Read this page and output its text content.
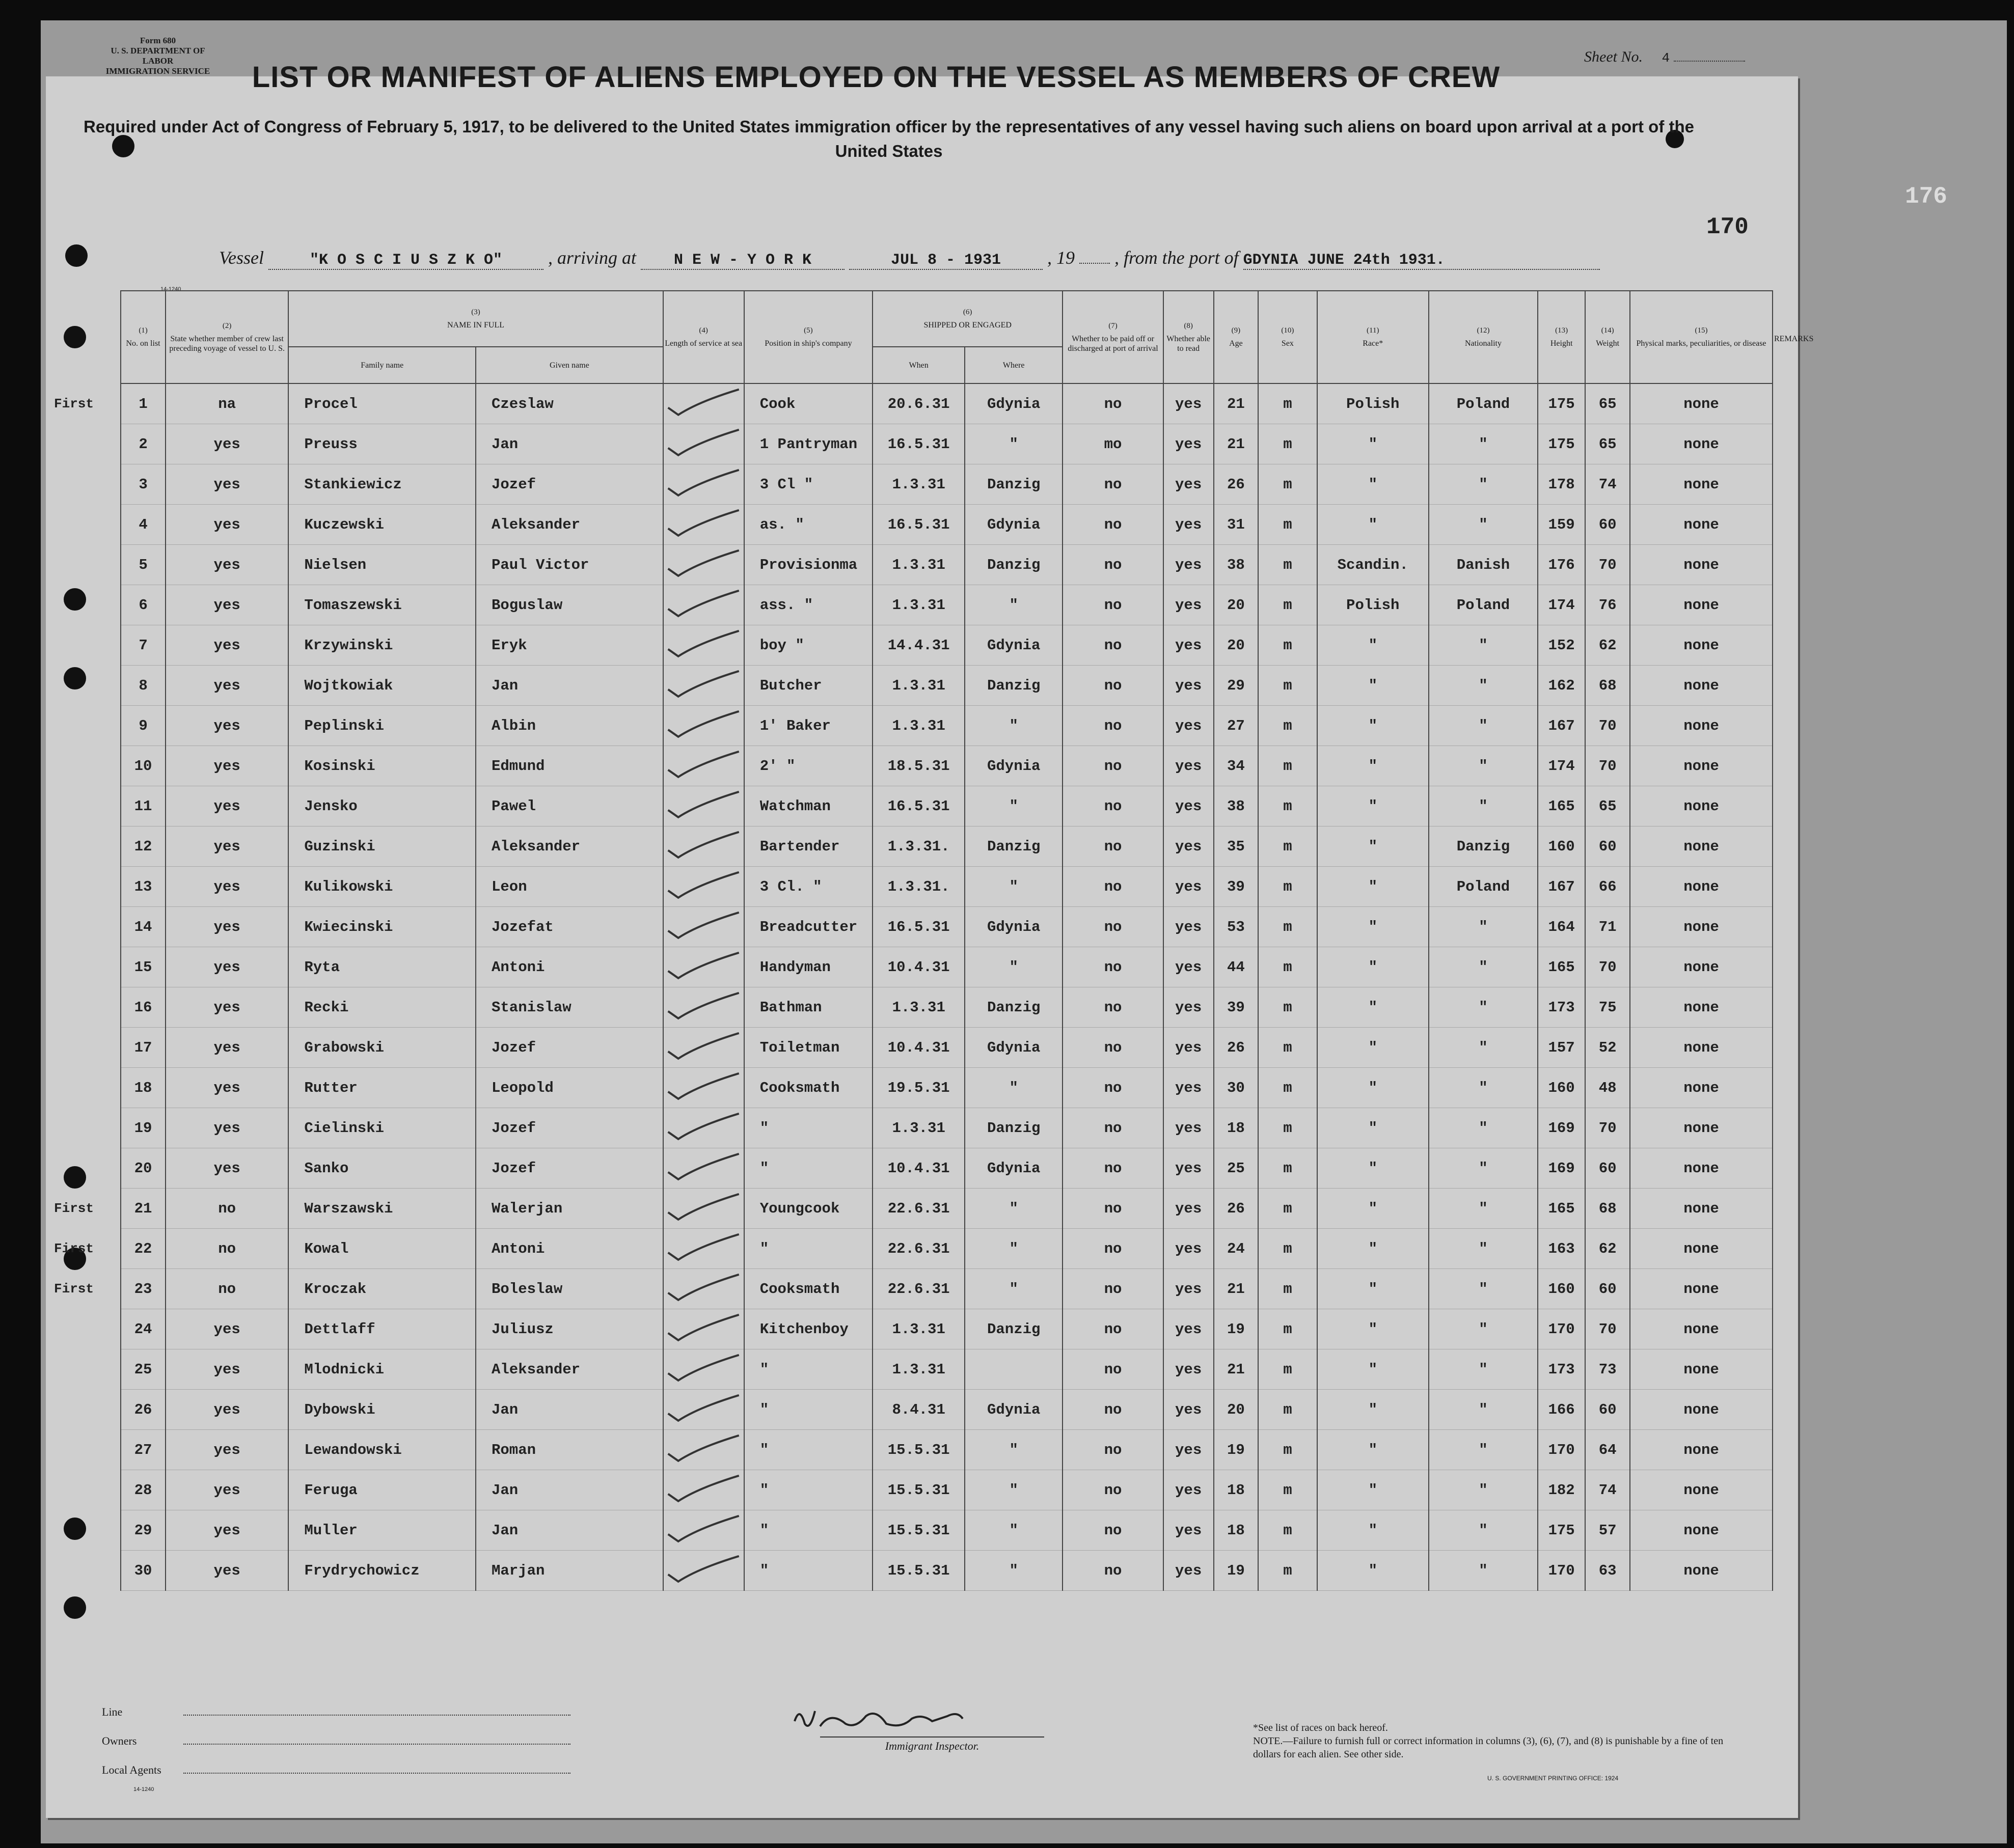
Form 680
U. S. DEPARTMENT OF LABOR
IMMIGRATION SERVICE
Sheet No. 4
176
170
LIST OR MANIFEST OF ALIENS EMPLOYED ON THE VESSEL AS MEMBERS OF CREW
Required under Act of Congress of February 5, 1917, to be delivered to the United States immigration officer by the representatives of any vessel having such aliens on board upon arrival at a port of the United States
Vessel	"K O S C I U S Z K O" , arriving at N E W - Y O R K	JUL 8 - 1931	, 19 , from the port of GDYNIA JUNE 24th 1931.
14-1240

	(1)
No. on list	(2)
State whether member of crew last preceding voyage of vessel to U. S.	(3)
NAME IN FULL		(4)
Length of service at sea	(5)
Position in ship's company	(6)
SHIPPED OR ENGAGED		(7)
Whether to be paid off or discharged at port of arrival	(8)
Whether able to read	(9)
Age	(10)
Sex	(11)
Race*	(12)
Nationality	(13)
Height	(14)
Weight	(15)
Physical marks, peculiarities, or disease	REMARKS
			Family name	Given name			When	Where										
First	1	na	Procel	Czeslaw		Cook	20.6.31	Gdynia	no	yes	21	m	Polish	Poland	175	65	none	
	2	yes	Preuss	Jan		1 Pantryman	16.5.31	"	mo	yes	21	m	"	"	175	65	none	
	3	yes	Stankiewicz	Jozef		3 Cl "	1.3.31	Danzig	no	yes	26	m	"	"	178	74	none	
	4	yes	Kuczewski	Aleksander		as. "	16.5.31	Gdynia	no	yes	31	m	"	"	159	60	none	
	5	yes	Nielsen	Paul Victor		Provisionma	1.3.31	Danzig	no	yes	38	m	Scandin.	Danish	176	70	none	
	6	yes	Tomaszewski	Boguslaw		ass. "	1.3.31	"	no	yes	20	m	Polish	Poland	174	76	none	
	7	yes	Krzywinski	Eryk		boy "	14.4.31	Gdynia	no	yes	20	m	"	"	152	62	none	
	8	yes	Wojtkowiak	Jan		Butcher	1.3.31	Danzig	no	yes	29	m	"	"	162	68	none	
	9	yes	Peplinski	Albin		1' Baker	1.3.31	"	no	yes	27	m	"	"	167	70	none	
	10	yes	Kosinski	Edmund		2' "	18.5.31	Gdynia	no	yes	34	m	"	"	174	70	none	
	11	yes	Jensko	Pawel		Watchman	16.5.31	"	no	yes	38	m	"	"	165	65	none	
	12	yes	Guzinski	Aleksander		Bartender	1.3.31.	Danzig	no	yes	35	m	"	Danzig	160	60	none	
	13	yes	Kulikowski	Leon		3 Cl. "	1.3.31.	"	no	yes	39	m	"	Poland	167	66	none	
	14	yes	Kwiecinski	Jozefat		Breadcutter	16.5.31	Gdynia	no	yes	53	m	"	"	164	71	none	
	15	yes	Ryta	Antoni		Handyman	10.4.31	"	no	yes	44	m	"	"	165	70	none	
	16	yes	Recki	Stanislaw		Bathman	1.3.31	Danzig	no	yes	39	m	"	"	173	75	none	
	17	yes	Grabowski	Jozef		Toiletman	10.4.31	Gdynia	no	yes	26	m	"	"	157	52	none	
	18	yes	Rutter	Leopold		Cooksmath	19.5.31	"	no	yes	30	m	"	"	160	48	none	
	19	yes	Cielinski	Jozef		"	1.3.31	Danzig	no	yes	18	m	"	"	169	70	none	
	20	yes	Sanko	Jozef		"	10.4.31	Gdynia	no	yes	25	m	"	"	169	60	none	
First	21	no	Warszawski	Walerjan		Youngcook	22.6.31	"	no	yes	26	m	"	"	165	68	none	
First	22	no	Kowal	Antoni		"	22.6.31	"	no	yes	24	m	"	"	163	62	none	
First	23	no	Kroczak	Boleslaw		Cooksmath	22.6.31	"	no	yes	21	m	"	"	160	60	none	
	24	yes	Dettlaff	Juliusz		Kitchenboy	1.3.31	Danzig	no	yes	19	m	"	"	170	70	none	
	25	yes	Mlodnicki	Aleksander		"	1.3.31		no	yes	21	m	"	"	173	73	none	
	26	yes	Dybowski	Jan		"	8.4.31	Gdynia	no	yes	20	m	"	"	166	60	none	
	27	yes	Lewandowski	Roman		"	15.5.31	"	no	yes	19	m	"	"	170	64	none	
	28	yes	Feruga	Jan		"	15.5.31	"	no	yes	18	m	"	"	182	74	none	
	29	yes	Muller	Jan		"	15.5.31	"	no	yes	18	m	"	"	175	57	none	
	30	yes	Frydrychowicz	Marjan		"	15.5.31	"	no	yes	19	m	"	"	170	63	none	
Line
Owners
Local Agents
14-1240
Immigrant Inspector.
*See list of races on back hereof.
NOTE.—Failure to furnish full or correct information in columns (3), (6), (7), and (8) is punishable by a fine of ten dollars for each alien. See other side.
U. S. GOVERNMENT PRINTING OFFICE: 1924
